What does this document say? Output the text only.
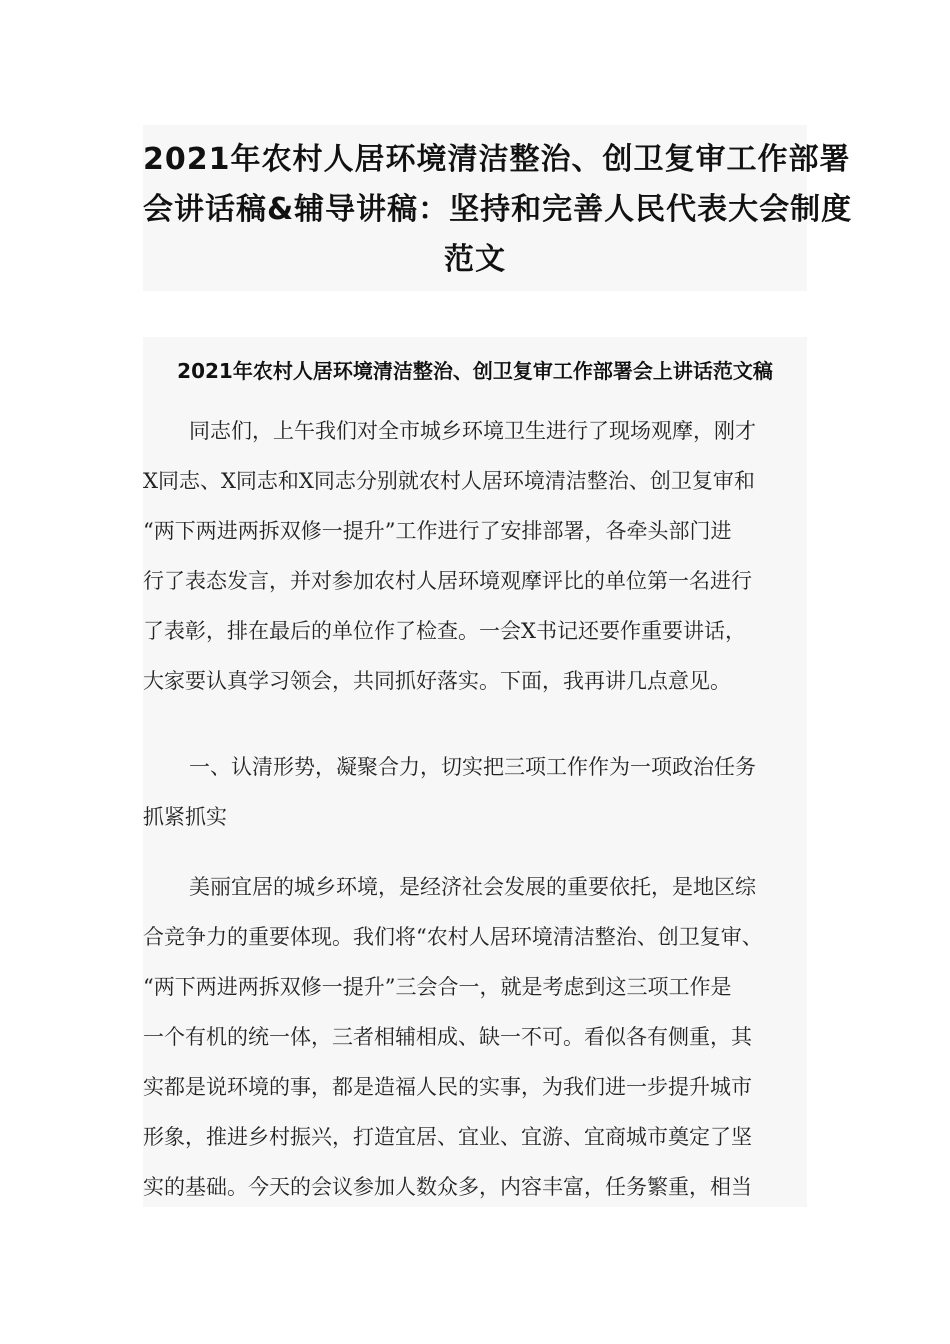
2021年农村人居环境清洁整治、创卫复审工作部署
会讲话稿&辅导讲稿：坚持和完善人民代表大会制度
范文
2021年农村人居环境清洁整治、创卫复审工作部署会上讲话范文稿
同志们，上午我们对全市城乡环境卫生进行了现场观摩，刚才
X同志、X同志和X同志分别就农村人居环境清洁整治、创卫复审和
“两下两进两拆双修一提升”工作进行了安排部署，各牵头部门进
行了表态发言，并对参加农村人居环境观摩评比的单位第一名进行
了表彰，排在最后的单位作了检查。一会X书记还要作重要讲话，
大家要认真学习领会，共同抓好落实。下面，我再讲几点意见。
一、认清形势，凝聚合力，切实把三项工作作为一项政治任务
抓紧抓实
美丽宜居的城乡环境，是经济社会发展的重要依托，是地区综
合竞争力的重要体现。我们将“农村人居环境清洁整治、创卫复审、
“两下两进两拆双修一提升”三会合一，就是考虑到这三项工作是
一个有机的统一体，三者相辅相成、缺一不可。看似各有侧重，其
实都是说环境的事，都是造福人民的实事，为我们进一步提升城市
形象，推进乡村振兴，打造宜居、宜业、宜游、宜商城市奠定了坚
实的基础。今天的会议参加人数众多，内容丰富，任务繁重，相当
